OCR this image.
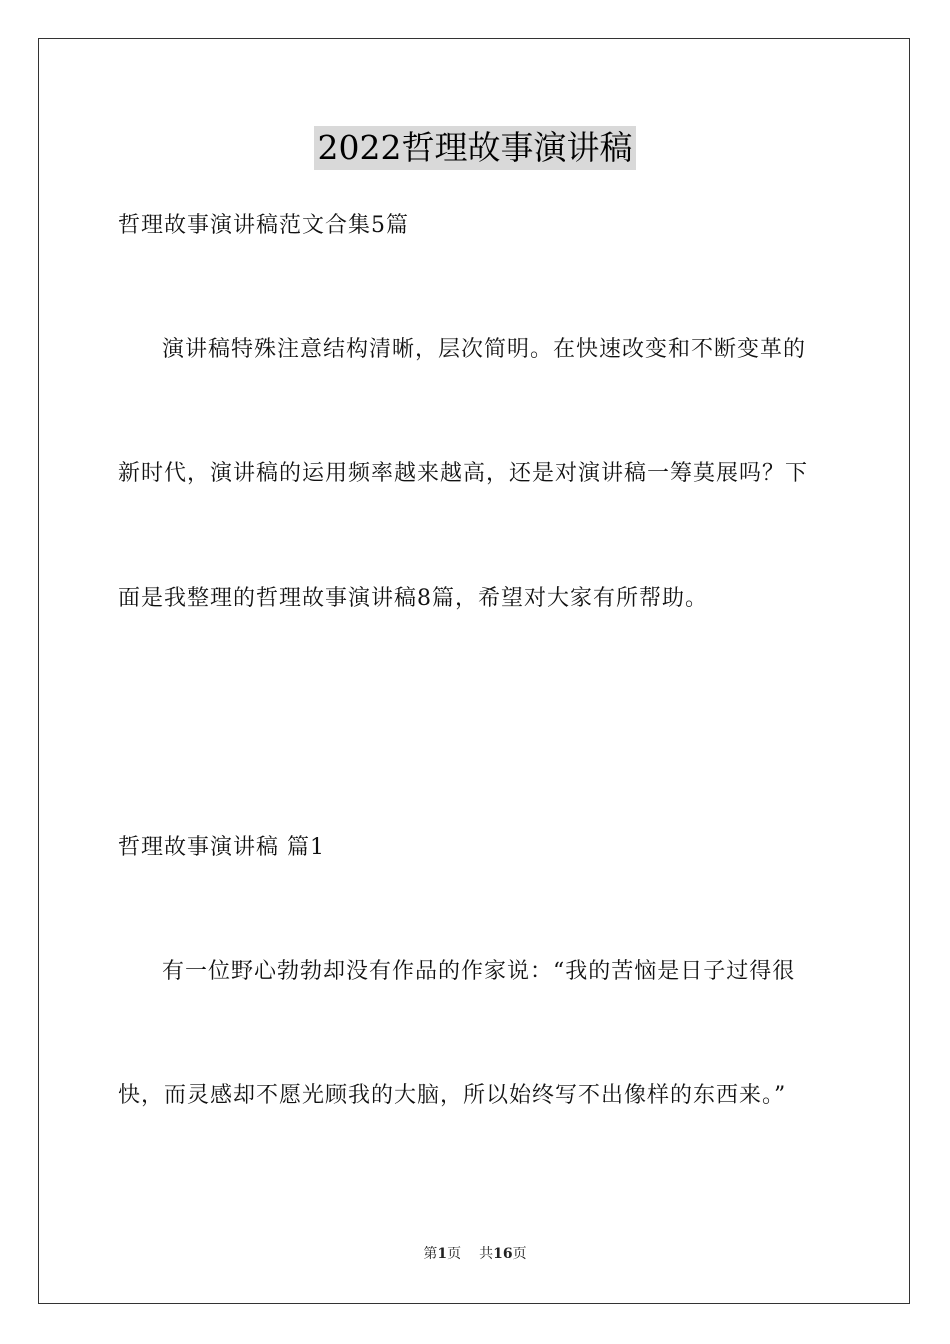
2022哲理故事演讲稿
哲理故事演讲稿范文合集5篇
演讲稿特殊注意结构清晰，层次简明。在快速改变和不断变革的
新时代，演讲稿的运用频率越来越高，还是对演讲稿一筹莫展吗？下
面是我整理的哲理故事演讲稿8篇，希望对大家有所帮助。
哲理故事演讲稿 篇1
有一位野心勃勃却没有作品的作家说：“我的苦恼是日子过得很
快，而灵感却不愿光顾我的大脑，所以始终写不出像样的东西来。”
第1页 共16页
